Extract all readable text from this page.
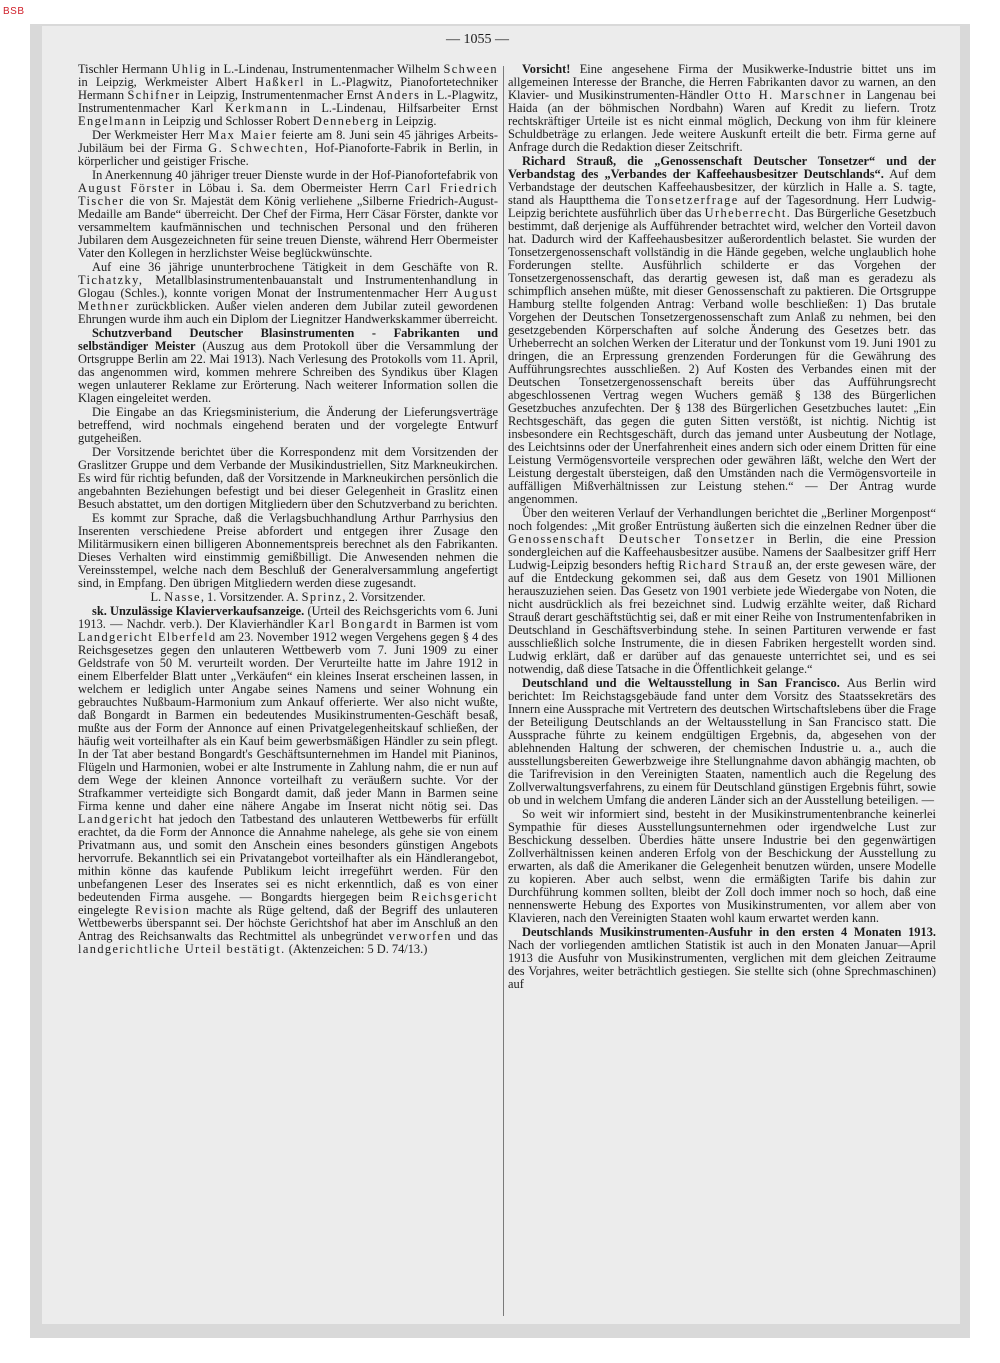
BSB
— 1055 —

Tischler Hermann Uhlig in L.-Lindenau, Instrumentenmacher Wilhelm Schween in Leipzig, Werkmeister Albert Haßkerl in L.-Plagwitz, Pianofortetechniker Hermann Schifner in Leipzig, Instrumentenmacher Ernst Anders in L.-Plagwitz, Instrumentenmacher Karl Kerkmann in L.-Lindenau, Hilfsarbeiter Ernst Engelmann in Leipzig und Schlosser Robert Denneberg in Leipzig.

Der Werkmeister Herr Max Maier feierte am 8. Juni sein 45 jähriges Arbeits-Jubiläum bei der Firma G. Schwechten, Hof-Pianoforte-Fabrik in Berlin, in körperlicher und geistiger Frische.

In Anerkennung 40 jähriger treuer Dienste wurde in der Hof-Pianofortefabrik von August Förster in Löbau i. Sa. dem Obermeister Herrn Carl Friedrich Tischer die von Sr. Majestät dem König verliehene „Silberne Friedrich-August-Medaille am Bande“ überreicht. Der Chef der Firma, Herr Cäsar Förster, dankte vor versammeltem kaufmännischen und technischen Personal und den früheren Jubilaren dem Ausgezeichneten für seine treuen Dienste, während Herr Obermeister Vater den Kollegen in herzlichster Weise beglückwünschte.

Auf eine 36 jährige ununterbrochene Tätigkeit in dem Geschäfte von R. Tichatzky, Metallblasinstrumentenbauanstalt und Instrumentenhandlung in Glogau (Schles.), konnte vorigen Monat der Instrumentenmacher Herr August Methner zurückblicken. Außer vielen anderen dem Jubilar zuteil gewordenen Ehrungen wurde ihm auch ein Diplom der Liegnitzer Handwerkskammer überreicht.

Schutzverband Deutscher Blasinstrumenten - Fabrikanten und selbständiger Meister (Auszug aus dem Protokoll über die Versammlung der Ortsgruppe Berlin am 22. Mai 1913). Nach Verlesung des Protokolls vom 11. April, das angenommen wird, kommen mehrere Schreiben des Syndikus über Klagen wegen unlauterer Reklame zur Erörterung. Nach weiterer Information sollen die Klagen eingeleitet werden.

Die Eingabe an das Kriegsministerium, die Änderung der Lieferungsverträge betreffend, wird nochmals eingehend beraten und der vorgelegte Entwurf gutgeheißen.

Der Vorsitzende berichtet über die Korrespondenz mit dem Vorsitzenden der Graslitzer Gruppe und dem Verbande der Musikindustriellen, Sitz Markneukirchen. Es wird für richtig befunden, daß der Vorsitzende in Markneukirchen persönlich die angebahnten Beziehungen befestigt und bei dieser Gelegenheit in Graslitz einen Besuch abstattet, um den dortigen Mitgliedern über den Schutzverband zu berichten.

Es kommt zur Sprache, daß die Verlagsbuchhandlung Arthur Parrhysius den Inserenten verschiedene Preise abfordert und entgegen ihrer Zusage den Militärmusikern einen billigeren Abonnementspreis berechnet als den Fabrikanten. Dieses Verhalten wird einstimmig gemißbilligt. Die Anwesenden nehmen die Vereinsstempel, welche nach dem Beschluß der Generalversammlung angefertigt sind, in Empfang. Den übrigen Mitgliedern werden diese zugesandt.

L. Nasse, 1. Vorsitzender. A. Sprinz, 2. Vorsitzender.

sk. Unzulässige Klavierverkaufsanzeige. (Urteil des Reichsgerichts vom 6. Juni 1913. — Nachdr. verb.). Der Klavierhändler Karl Bongardt in Barmen ist vom Landgericht Elberfeld am 23. November 1912 wegen Vergehens gegen § 4 des Reichsgesetzes gegen den unlauteren Wettbewerb vom 7. Juni 1909 zu einer Geldstrafe von 50 M. verurteilt worden. Der Verurteilte hatte im Jahre 1912 in einem Elberfelder Blatt unter „Verkäufen“ ein kleines Inserat erscheinen lassen, in welchem er lediglich unter Angabe seines Namens und seiner Wohnung ein gebrauchtes Nußbaum-Harmonium zum Ankauf offerierte. Wer also nicht wußte, daß Bongardt in Barmen ein bedeutendes Musikinstrumenten-Geschäft besaß, mußte aus der Form der Annonce auf einen Privatgelegenheitskauf schließen, der häufig weit vorteilhafter als ein Kauf beim gewerbsmäßigen Händler zu sein pflegt. In der Tat aber bestand Bongardt's Geschäftsunternehmen im Handel mit Pianinos, Flügeln und Harmonien, wobei er alte Instrumente in Zahlung nahm, die er nun auf dem Wege der kleinen Annonce vorteilhaft zu veräußern suchte. Vor der Strafkammer verteidigte sich Bongardt damit, daß jeder Mann in Barmen seine Firma kenne und daher eine nähere Angabe im Inserat nicht nötig sei. Das Landgericht hat jedoch den Tatbestand des unlauteren Wettbewerbs für erfüllt erachtet, da die Form der Annonce die Annahme nahelege, als gehe sie von einem Privatmann aus, und somit den Anschein eines besonders günstigen Angebots hervorrufe. Bekanntlich sei ein Privatangebot vorteilhafter als ein Händlerangebot, mithin könne das kaufende Publikum leicht irregeführt werden. Für den unbefangenen Leser des Inserates sei es nicht erkenntlich, daß es von einer bedeutenden Firma ausgehe. — Bongardts hiergegen beim Reichsgericht eingelegte Revision machte als Rüge geltend, daß der Begriff des unlauteren Wettbewerbs überspannt sei. Der höchste Gerichtshof hat aber im Anschluß an den Antrag des Reichsanwalts das Rechtmittel als unbegründet verworfen und das landgerichtliche Urteil bestätigt. (Aktenzeichen: 5 D. 74/13.)

Vorsicht! Eine angesehene Firma der Musikwerke-Industrie bittet uns im allgemeinen Interesse der Branche, die Herren Fabrikanten davor zu warnen, an den Klavier- und Musikinstrumenten-Händler Otto H. Marschner in Langenau bei Haida (an der böhmischen Nordbahn) Waren auf Kredit zu liefern. Trotz rechtskräftiger Urteile ist es nicht einmal möglich, Deckung von ihm für kleinere Schuldbeträge zu erlangen. Jede weitere Auskunft erteilt die betr. Firma gerne auf Anfrage durch die Redaktion dieser Zeitschrift.

Richard Strauß, die „Genossenschaft Deutscher Tonsetzer“ und der Verbandstag des „Verbandes der Kaffeehausbesitzer Deutschlands“. Auf dem Verbandstage der deutschen Kaffeehausbesitzer, der kürzlich in Halle a. S. tagte, stand als Hauptthema die Tonsetzerfrage auf der Tagesordnung. Herr Ludwig-Leipzig berichtete ausführlich über das Urheberrecht. Das Bürgerliche Gesetzbuch bestimmt, daß derjenige als Aufführender betrachtet wird, welcher den Vorteil davon hat. Dadurch wird der Kaffeehausbesitzer außerordentlich belastet. Sie wurden der Tonsetzergenossenschaft vollständig in die Hände gegeben, welche unglaublich hohe Forderungen stellte. Ausführlich schilderte er das Vorgehen der Tonsetzergenossenschaft, das derartig gewesen ist, daß man es geradezu als schimpflich ansehen müßte, mit dieser Genossenschaft zu paktieren. Die Ortsgruppe Hamburg stellte folgenden Antrag: Verband wolle beschließen: 1) Das brutale Vorgehen der Deutschen Tonsetzergenossenschaft zum Anlaß zu nehmen, bei den gesetzgebenden Körperschaften auf solche Änderung des Gesetzes betr. das Urheberrecht an solchen Werken der Literatur und der Tonkunst vom 19. Juni 1901 zu dringen, die an Erpressung grenzenden Forderungen für die Gewährung des Aufführungsrechtes ausschließen. 2) Auf Kosten des Verbandes einen mit der Deutschen Tonsetzergenossenschaft bereits über das Aufführungsrecht abgeschlossenen Vertrag wegen Wuchers gemäß § 138 des Bürgerlichen Gesetzbuches anzufechten. Der § 138 des Bürgerlichen Gesetzbuches lautet: „Ein Rechtsgeschäft, das gegen die guten Sitten verstößt, ist nichtig. Nichtig ist insbesondere ein Rechtsgeschäft, durch das jemand unter Ausbeutung der Notlage, des Leichtsinns oder der Unerfahrenheit eines andern sich oder einem Dritten für eine Leistung Vermögensvorteile versprechen oder gewähren läßt, welche den Wert der Leistung dergestalt übersteigen, daß den Umständen nach die Vermögensvorteile in auffälligen Mißverhältnissen zur Leistung stehen.“ — Der Antrag wurde angenommen.

Über den weiteren Verlauf der Verhandlungen berichtet die „Berliner Morgenpost“ noch folgendes: „Mit großer Entrüstung äußerten sich die einzelnen Redner über die Genossenschaft Deutscher Tonsetzer in Berlin, die eine Pression sondergleichen auf die Kaffeehausbesitzer ausübe. Namens der Saalbesitzer griff Herr Ludwig-Leipzig besonders heftig Richard Strauß an, der erste gewesen wäre, der auf die Entdeckung gekommen sei, daß aus dem Gesetz von 1901 Millionen herauszuziehen seien. Das Gesetz von 1901 verbiete jede Wiedergabe von Noten, die nicht ausdrücklich als frei bezeichnet sind. Ludwig erzählte weiter, daß Richard Strauß derart geschäftstüchtig sei, daß er mit einer Reihe von Instrumentenfabriken in Deutschland in Geschäftsverbindung stehe. In seinen Partituren verwende er fast ausschließlich solche Instrumente, die in diesen Fabriken hergestellt worden sind. Ludwig erklärt, daß er darüber auf das genaueste unterrichtet sei, und es sei notwendig, daß diese Tatsache in die Öffentlichkeit gelange.“

Deutschland und die Weltausstellung in San Francisco. Aus Berlin wird berichtet: Im Reichstagsgebäude fand unter dem Vorsitz des Staatssekretärs des Innern eine Aussprache mit Vertretern des deutschen Wirtschaftslebens über die Frage der Beteiligung Deutschlands an der Weltausstellung in San Francisco statt. Die Aussprache führte zu keinem endgültigen Ergebnis, da, abgesehen von der ablehnenden Haltung der schweren, der chemischen Industrie u. a., auch die ausstellungsbereiten Gewerbzweige ihre Stellungnahme davon abhängig machten, ob die Tarifrevision in den Vereinigten Staaten, namentlich auch die Regelung des Zollverwaltungsverfahrens, zu einem für Deutschland günstigen Ergebnis führt, sowie ob und in welchem Umfang die anderen Länder sich an der Ausstellung beteiligen. —

So weit wir informiert sind, besteht in der Musikinstrumentenbranche keinerlei Sympathie für dieses Ausstellungsunternehmen oder irgendwelche Lust zur Beschickung desselben. Überdies hätte unsere Industrie bei den gegenwärtigen Zollverhältnissen keinen anderen Erfolg von der Beschickung der Ausstellung zu erwarten, als daß die Amerikaner die Gelegenheit benutzen würden, unsere Modelle zu kopieren. Aber auch selbst, wenn die ermäßigten Tarife bis dahin zur Durchführung kommen sollten, bleibt der Zoll doch immer noch so hoch, daß eine nennenswerte Hebung des Exportes von Musikinstrumenten, vor allem aber von Klavieren, nach den Vereinigten Staaten wohl kaum erwartet werden kann.

Deutschlands Musikinstrumenten-Ausfuhr in den ersten 4 Monaten 1913. Nach der vorliegenden amtlichen Statistik ist auch in den Monaten Januar—April 1913 die Ausfuhr von Musikinstrumenten, verglichen mit dem gleichen Zeitraume des Vorjahres, weiter beträchtlich gestiegen. Sie stellte sich (ohne Sprechmaschinen) auf
